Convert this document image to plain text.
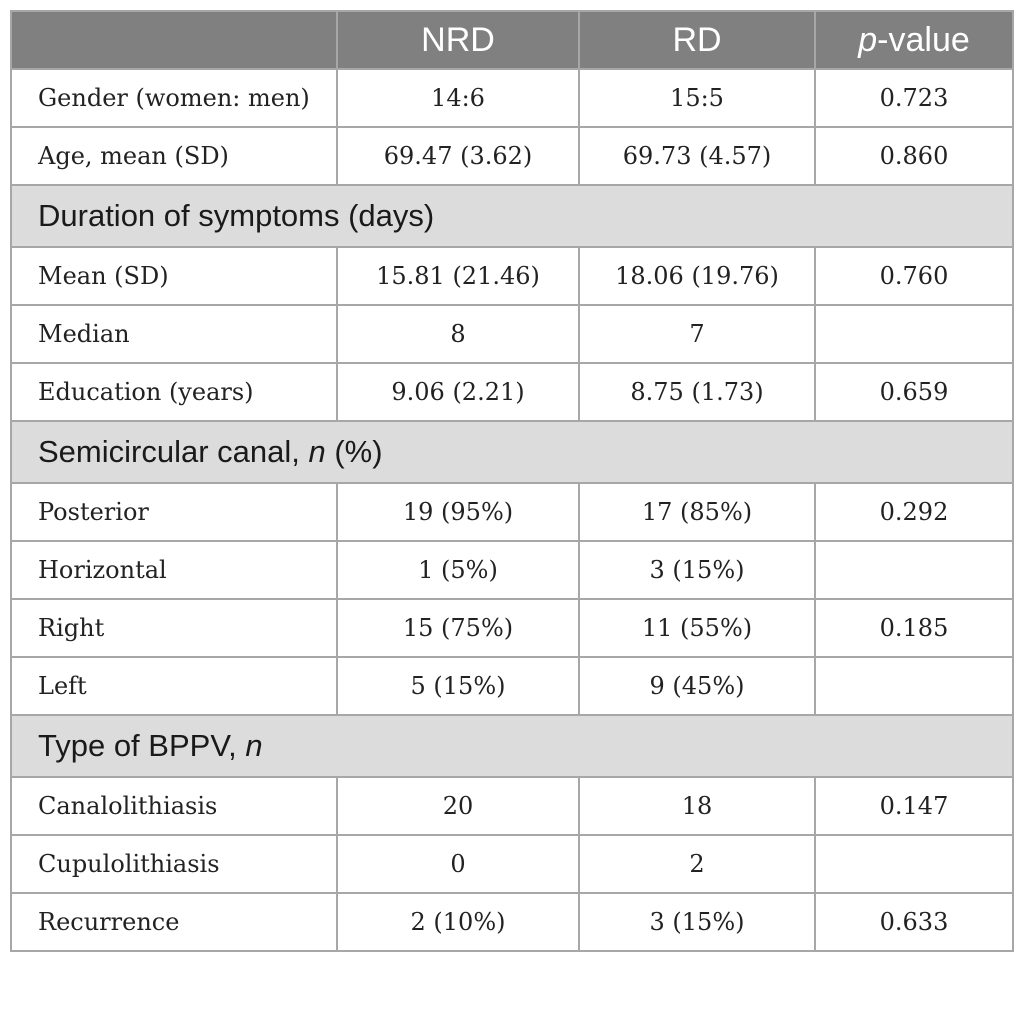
	NRD	RD	p-value
Gender (women: men)	14:6	15:5	0.723
Age, mean (SD)	69.47 (3.62)	69.73 (4.57)	0.860
Duration of symptoms (days)			
Mean (SD)	15.81 (21.46)	18.06 (19.76)	0.760
Median	8	7	
Education (years)	9.06 (2.21)	8.75 (1.73)	0.659
Semicircular canal, n (%)			
Posterior	19 (95%)	17 (85%)	0.292
Horizontal	1 (5%)	3 (15%)	
Right	15 (75%)	11 (55%)	0.185
Left	5 (15%)	9 (45%)	
Type of BPPV, n			
Canalolithiasis	20	18	0.147
Cupulolithiasis	0	2	
Recurrence	2 (10%)	3 (15%)	0.633
